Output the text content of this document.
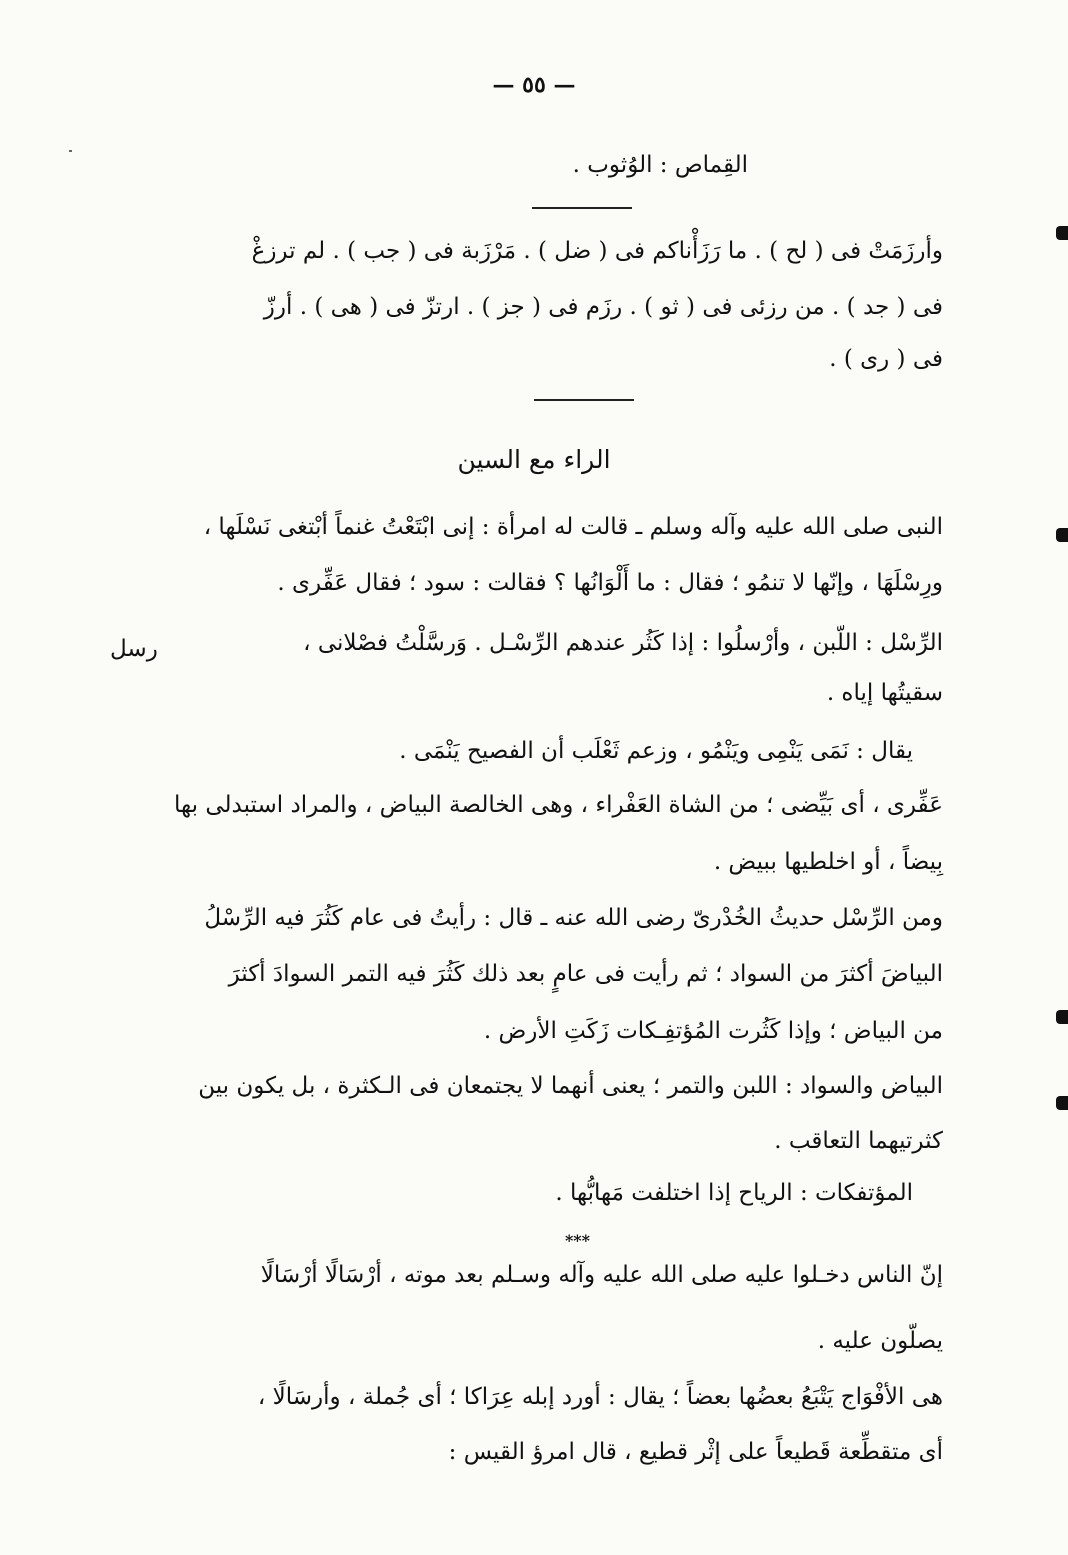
— ٥٥ —
القِماص : الوُثوب .
وأرزَمَتْ فى ( لح ) . ما رَزَأْناكم فى ( ضل ) . مَرْزَبة فى ( جب ) . لم ترزغْ
فى ( جد ) . من رزئى فى ( ثو ) . رزَم فى ( جز ) . ارتزّ فى ( هى ) . أرزّ
فى ( رى ) .
الراء مع السين
النبى صلى الله عليه وآله وسلم ـ قالت له امرأة : إنى ابْتَعْتُ غنماً أبْتغى نَسْلَها ،
ورِسْلَهَا ، وإنّها لا تنمُو ؛ فقال : ما أَلْوَانُها ؟ فقالت : سود ؛ فقال عَفِّرى .
الرِّسْل : اللّبن ، وأرْسلُوا : إذا كَثُر عندهم الرِّسْـل . وَرسَّلْتُ فصْلانى ،
رسل
سقيتُها إياه .
يقال : نَمَى يَنْمِى ويَنْمُو ، وزعم ثَعْلَب أن الفصيح يَنْمَى .
عَفِّرى ، أى بَيِّضى ؛ من الشاة العَفْراء ، وهى الخالصة البياض ، والمراد استبدلى بها
بِيضاً ، أو اخلطيها ببيض .
ومن الرِّسْل حديثُ الخُدْرىّ رضى الله عنه ـ قال : رأيتُ فى عام كَثُرَ فيه الرِّسْلُ
البياضَ أكثرَ من السواد ؛ ثم رأيت فى عامٍ بعد ذلك كَثُرَ فيه التمر السوادَ أكثرَ
من البياض ؛ وإذا كَثُرت المُؤتفِـكات زَكَتِ الأرض .
البياض والسواد : اللبن والتمر ؛ يعنى أنهما لا يجتمعان فى الـكثرة ، بل يكون بين
كثرتيهما التعاقب .
المؤتفكات : الرياح إذا اختلفت مَهابُّها .
***
إنّ الناس دخـلوا عليه صلى الله عليه وآله وسـلم بعد موته ، أرْسَالًا أرْسَالًا
يصلّون عليه .
هى الأفْوَاج يَتْبَعُ بعضُها بعضاً ؛ يقال : أورد إبله عِرَاكا ؛ أى جُملة ، وأرسَالًا ،
أى متقطِّعة قَطيعاً على إثْر قطيع ، قال امرؤ القيس :
